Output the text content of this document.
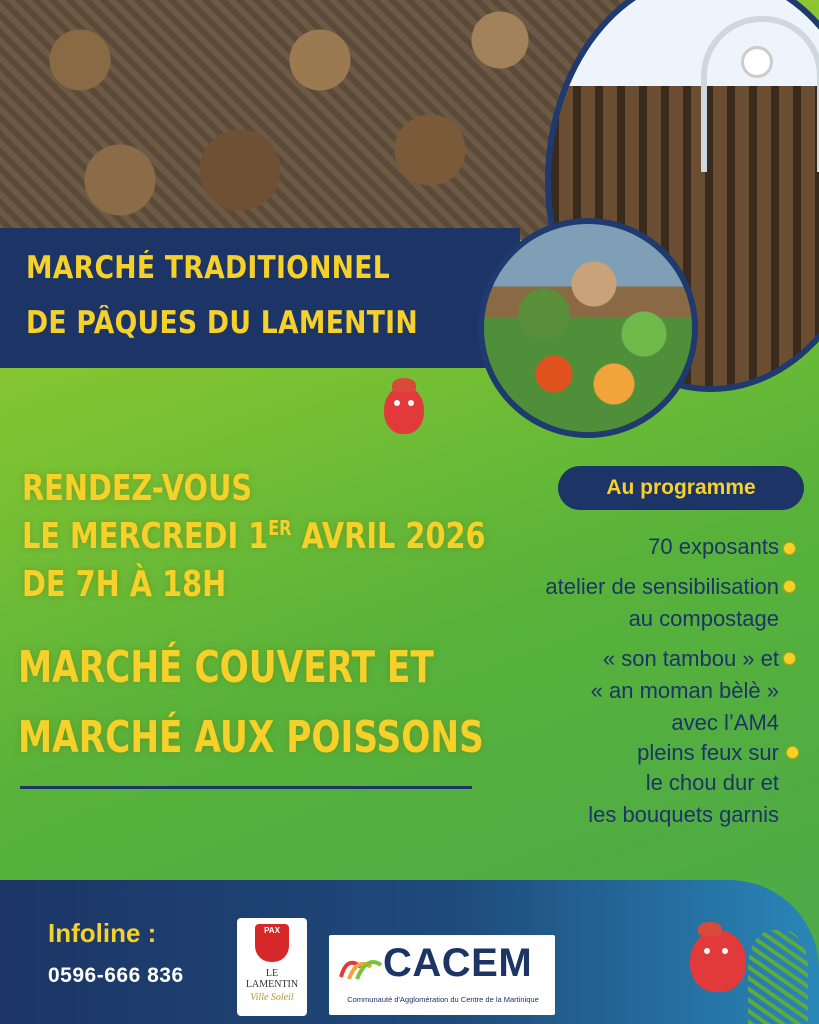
MARCHÉ TRADITIONNEL
DE PÂQUES DU LAMENTIN
RENDEZ-VOUS
LE MERCREDI 1ER AVRIL 2026
DE 7H À 18H
MARCHÉ COUVERT ET
MARCHÉ AUX POISSONS
Au programme
70 exposants
atelier de sensibilisation
au compostage
« son tambou » et
« an moman bèlè »
avec l’AM4
pleins feux sur
le chou dur et
les bouquets garnis
Infoline :
0596-666 836
PAX
LE
LAMENTIN
Ville Soleil
CACEM
Communauté d'Agglomération du Centre de la Martinique
